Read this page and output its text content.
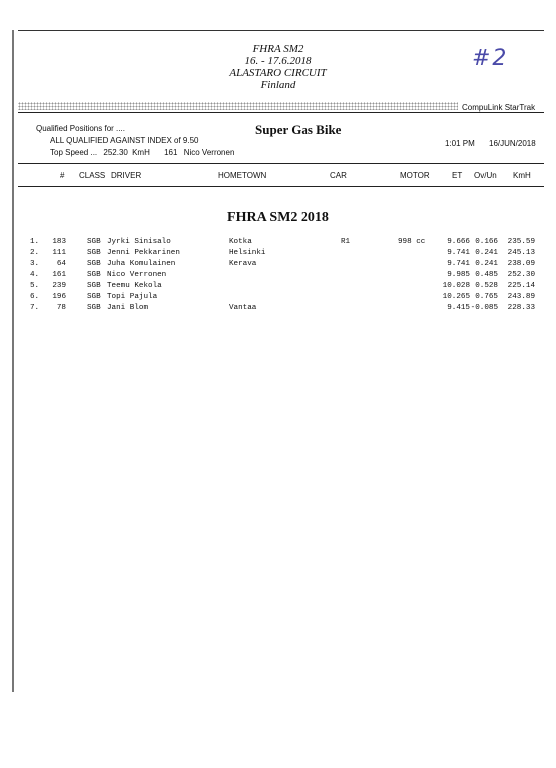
FHRA SM2
16. - 17.6.2018
ALASTARO CIRCUIT
Finland
#2
CompuLink StarTrak
Qualified Positions for ....
ALL QUALIFIED AGAINST INDEX of 9.50
Top Speed ... 252.30 KmH 161 Nico Verronen
Super Gas Bike
1:01 PM 16/JUN/2018
# CLASS DRIVER	HOMETOWN	CAR	MOTOR	ET Ov/Un KmH
FHRA SM2 2018
1.	183	SGB Jyrki Sinisalo	Kotka	R1	998 cc	9.666 0.166	235.59
2.	111	SGB Jenni Pekkarinen	Helsinki	9.741 0.241	245.13
3.	64	SGB Juha Komulainen	Kerava	9.741 0.241	238.09
4.	161	SGB Nico Verronen	9.985 0.485	252.30
5.	239	SGB Teemu Kekola	10.028 0.528	225.14
6.	196	SGB Topi Pajula	10.265 0.765	243.89
7.	78	SGB Jani Blom	Vantaa	9.415 -0.085	228.33
